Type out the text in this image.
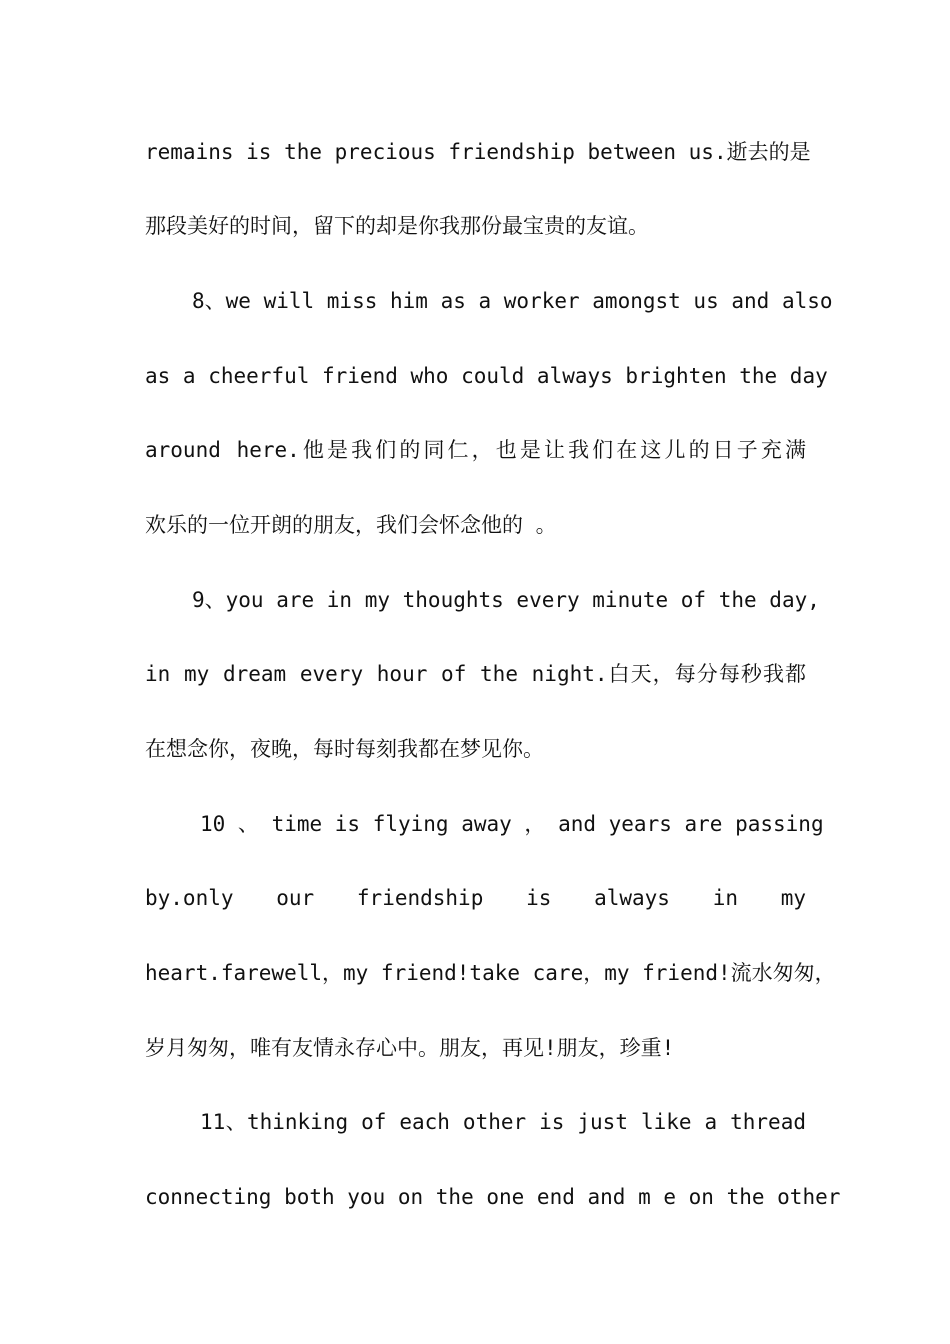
remains is the precious friendship between us.逝去的是
那段美好的时间，留下的却是你我那份最宝贵的友谊。
8、we will miss him as a worker amongst us and also
as a cheerful friend who could always brighten the day
around here.他是我们的同仁，也是让我们在这儿的日子充满
欢乐的一位开朗的朋友，我们会怀念他的 。
9、you are in my thoughts every minute of the day,
in my dream every hour of the night.白天，每分每秒我都
在想念你，夜晚，每时每刻我都在梦见你。
10 、 time is flying away ， and years are passing
by.only our friendship is always in my
heart.farewell，my friend!take care，my friend!流水匆匆，
岁月匆匆，唯有友情永存心中。朋友，再见!朋友，珍重!
11、thinking of each other is just like a thread
connecting both you on the one end and m e on the other
